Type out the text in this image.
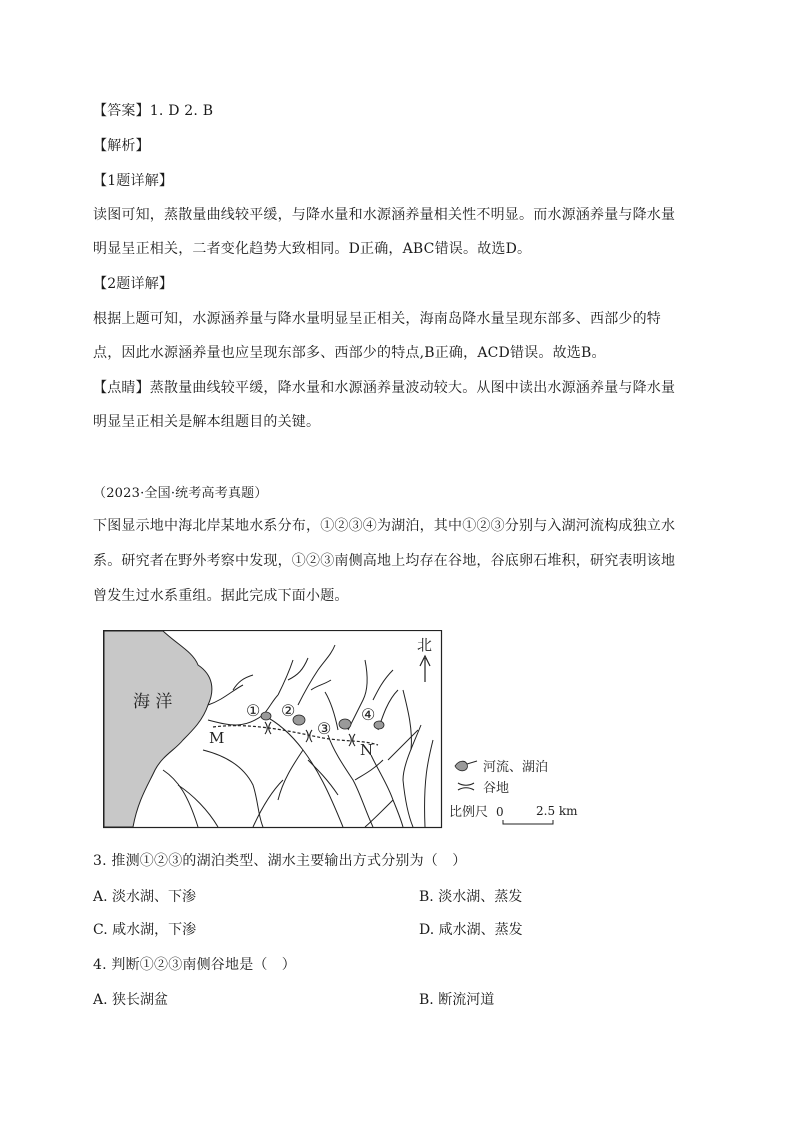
【答案】1. D 2. B
【解析】
【1题详解】
读图可知，蒸散量曲线较平缓，与降水量和水源涵养量相关性不明显。而水源涵养量与降水量
明显呈正相关，二者变化趋势大致相同。D正确，ABC错误。故选D。
【2题详解】
根据上题可知，水源涵养量与降水量明显呈正相关，海南岛降水量呈现东部多、西部少的特
点，因此水源涵养量也应呈现东部多、西部少的特点,B正确，ACD错误。故选B。
【点睛】蒸散量曲线较平缓，降水量和水源涵养量波动较大。从图中读出水源涵养量与降水量
明显呈正相关是解本组题目的关键。
（2023·全国·统考高考真题）
下图显示地中海北岸某地水系分布，①②③④为湖泊，其中①②③分别与入湖河流构成独立水
系。研究者在野外考察中发现，①②③南侧高地上均存在谷地，谷底卵石堆积，研究表明该地
曾发生过水系重组。据此完成下面小题。
海 洋	① ②
③
④
M
N
北
河流、湖泊
谷地
比例尺 0	2.5 km
3. 推测①②③的湖泊类型、湖水主要输出方式分别为（　）
A. 淡水湖、下渗	B. 淡水湖、蒸发
C. 咸水湖，下渗	D. 咸水湖、蒸发
4. 判断①②③南侧谷地是（　）
A. 狭长湖盆	B. 断流河道
